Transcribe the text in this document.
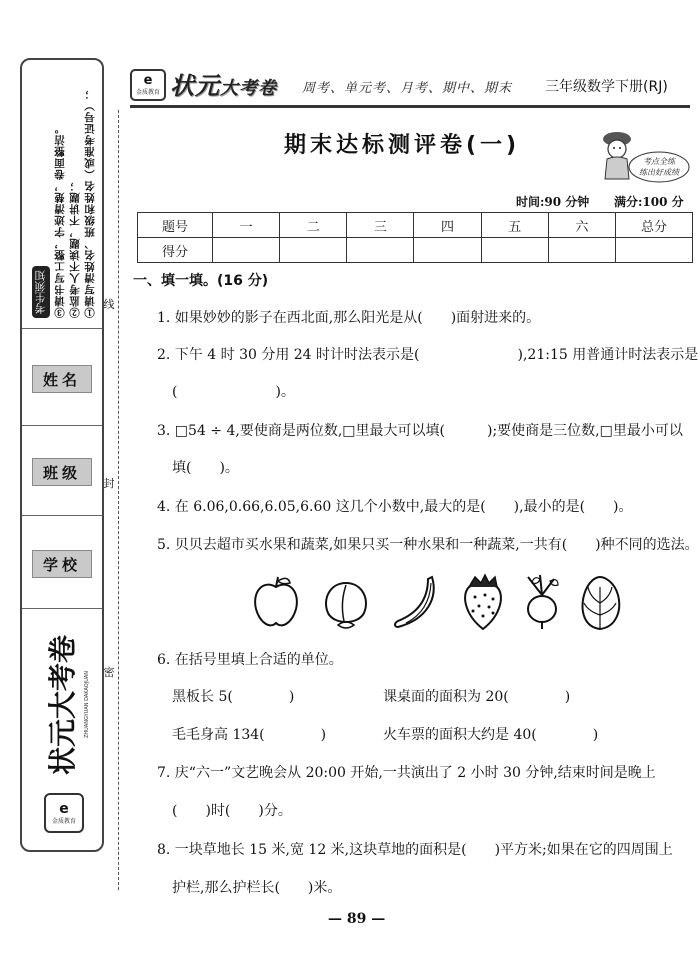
考生须知	①请写清姓名、班级和姓名（或准考证号）；
②监考人不读题，不讲题；
③请书写工整，字迹清楚，卷面整洁。
姓名
班级
学校
状元大考卷 ZHUANGYUAN DAKAOJUAN
e
金质教育
线
封
密
e
金质教育 状元大考卷 周考、单元考、月考、期中、期末 三年级数学下册(RJ)
期末达标测评卷(一)
考点全练
练出好成绩
时间:90 分钟 满分:100 分
题号	一	二	三	四	五	六	总分
得分							
一、填一填。(16 分)
1. 如果妙妙的影子在西北面,那么阳光是从(　　)面射进来的。
2. 下午 4 时 30 分用 24 时计时法表示是(　　　　　　　),21:15 用普通计时法表示是
(　　　　　　　)。
3. □54 ÷ 4,要使商是两位数,□里最大可以填(　　　);要使商是三位数,□里最小可以
填(　　)。
4. 在 6.06,0.66,6.05,6.60 这几个小数中,最大的是(　　),最小的是(　　)。
5. 贝贝去超市买水果和蔬菜,如果只买一种水果和一种蔬菜,一共有(　　)种不同的选法。
6. 在括号里填上合适的单位。
黑板长 5(　　　　)	课桌面的面积为 20(　　　　)
毛毛身高 134(　　　　)	火车票的面积大约是 40(　　　　)
7. 庆“六一”文艺晚会从 20:00 开始,一共演出了 2 小时 30 分钟,结束时间是晚上
(　　)时(　　)分。
8. 一块草地长 15 米,宽 12 米,这块草地的面积是(　　)平方米;如果在它的四周围上
护栏,那么护栏长(　　)米。
— 89 —
